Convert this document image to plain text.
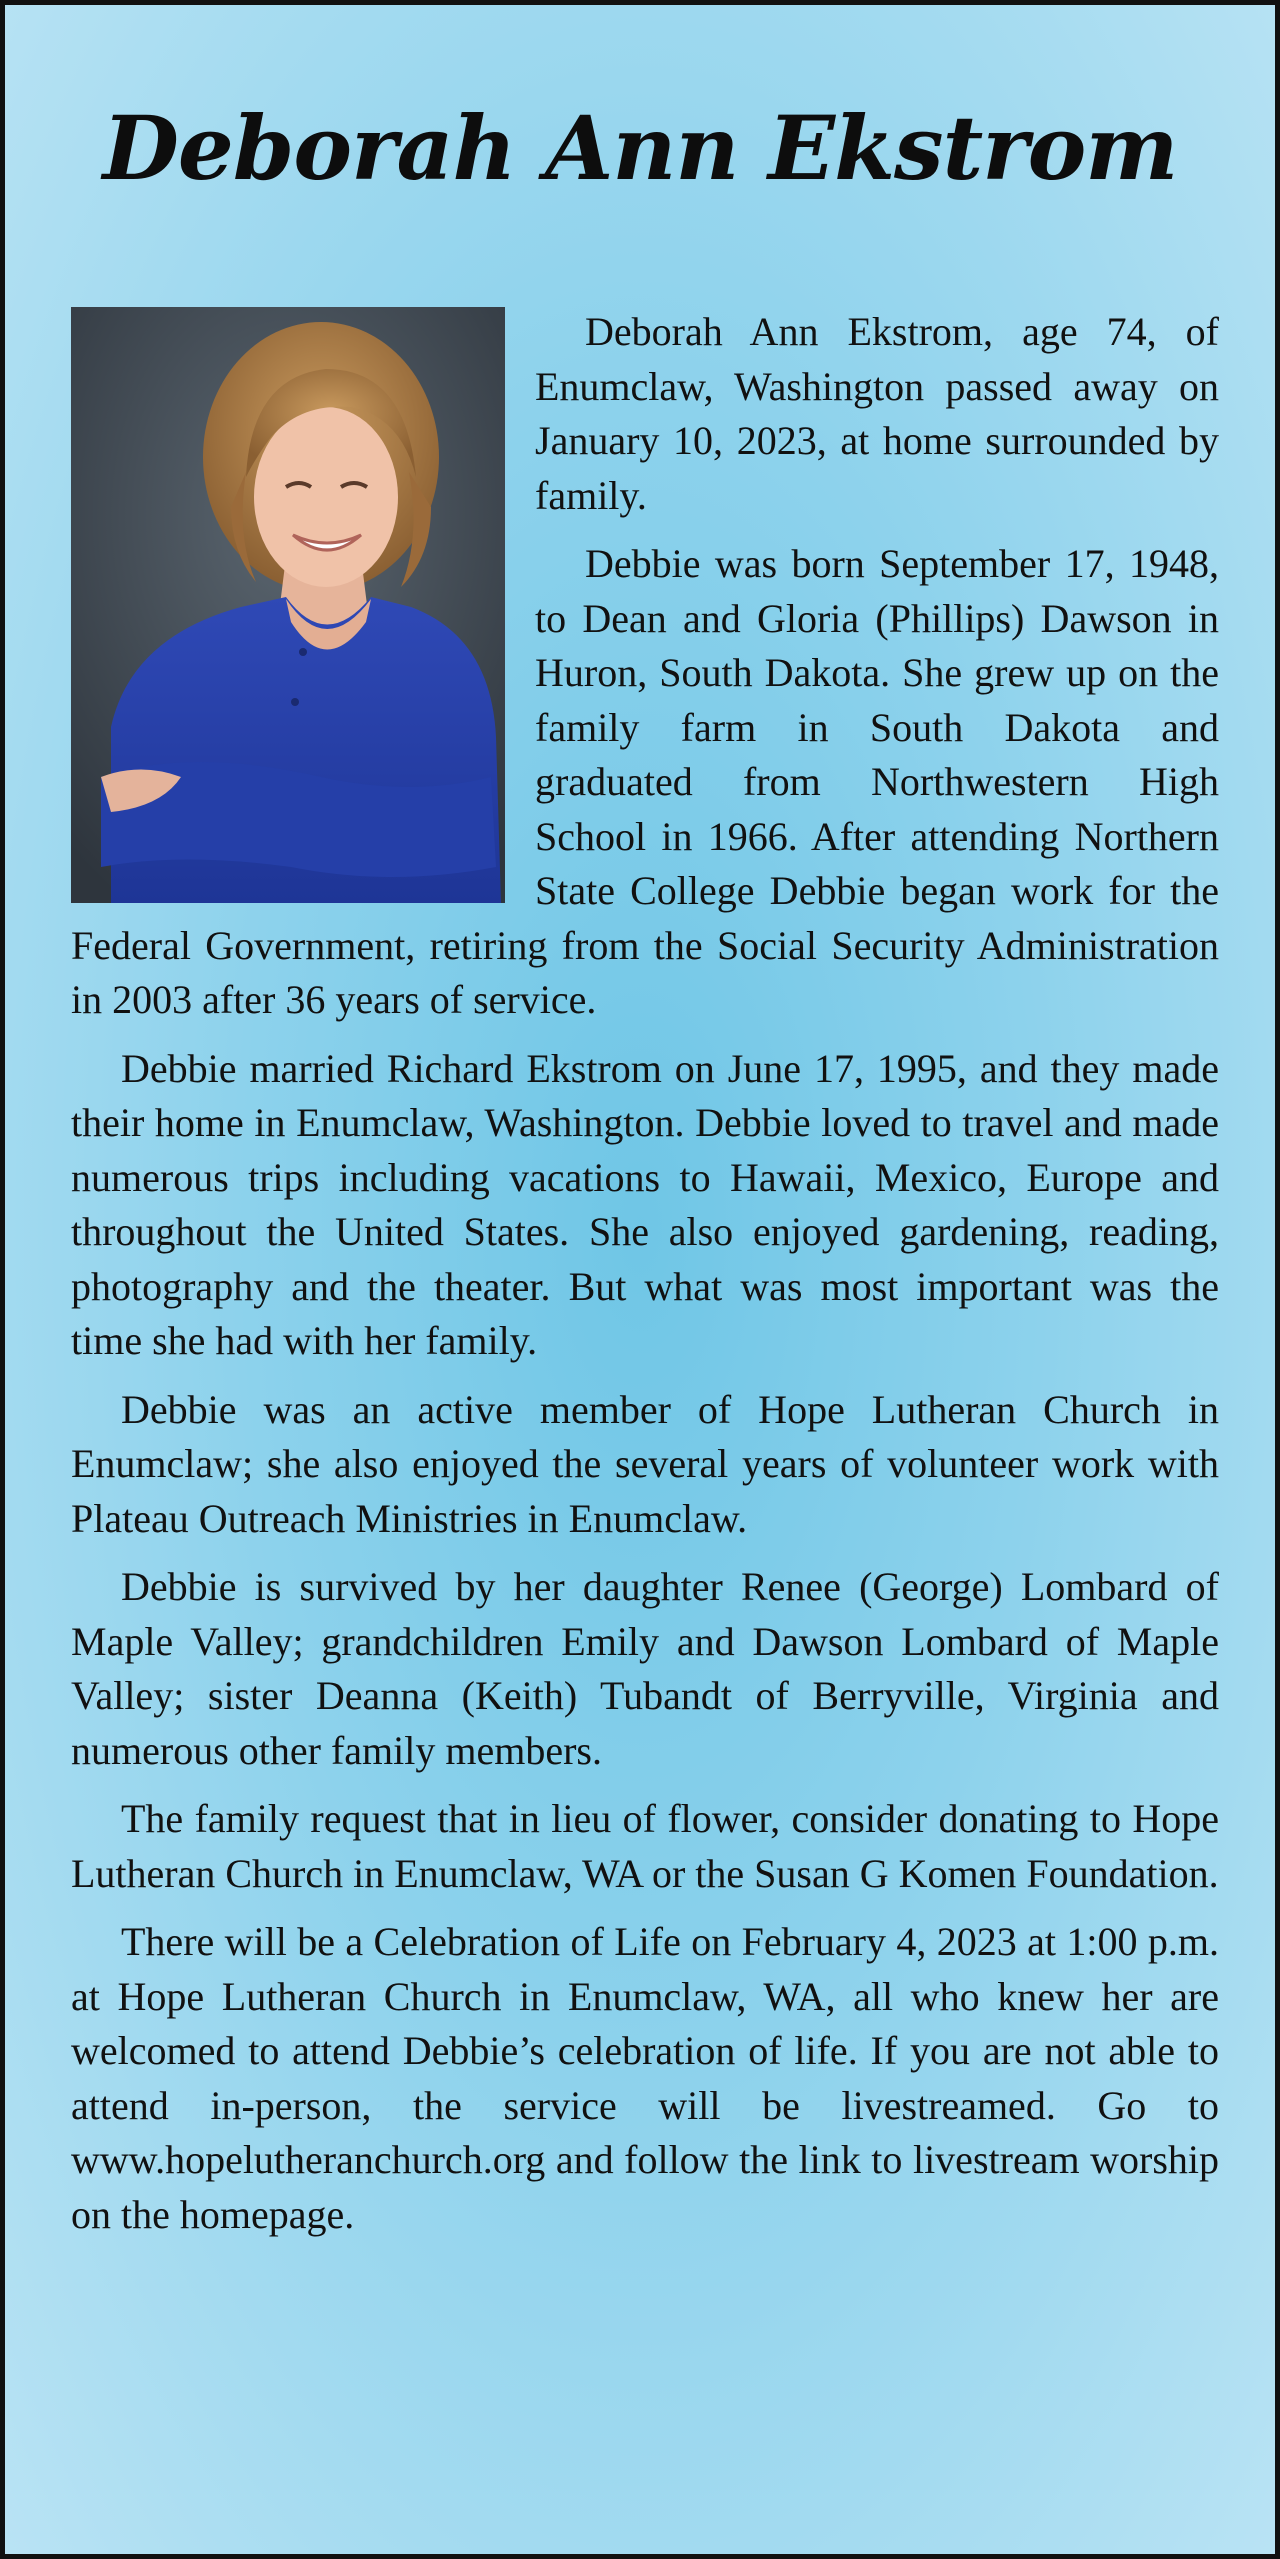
Deborah Ann Ekstrom

Deborah Ann Ekstrom, age 74, of Enumclaw, Washington passed away on January 10, 2023, at home surrounded by family.

Debbie was born September 17, 1948, to Dean and Gloria (Phillips) Dawson in Huron, South Dakota. She grew up on the family farm in South Dakota and graduated from Northwestern High School in 1966. After attending Northern State College Debbie began work for the Federal Government, retiring from the Social Security Administration in 2003 after 36 years of service.

Debbie married Richard Ekstrom on June 17, 1995, and they made their home in Enumclaw, Washington. Debbie loved to travel and made numerous trips including vacations to Hawaii, Mexico, Europe and throughout the United States. She also enjoyed gardening, reading, photography and the theater. But what was most important was the time she had with her family.

Debbie was an active member of Hope Lutheran Church in Enumclaw; she also enjoyed the several years of volunteer work with Plateau Outreach Ministries in Enumclaw.

Debbie is survived by her daughter Renee (George) Lombard of Maple Valley; grandchildren Emily and Dawson Lombard of Maple Valley; sister Deanna (Keith) Tubandt of Berryville, Virginia and numerous other family members.

The family request that in lieu of flower, consider donating to Hope Lutheran Church in Enumclaw, WA or the Susan G Komen Foundation.

There will be a Celebration of Life on February 4, 2023 at 1:00 p.m. at Hope Lutheran Church in Enumclaw, WA, all who knew her are welcomed to attend Debbie’s celebration of life. If you are not able to attend in-person, the service will be livestreamed. Go to www.hopelutheranchurch.org and follow the link to livestream worship on the homepage.
